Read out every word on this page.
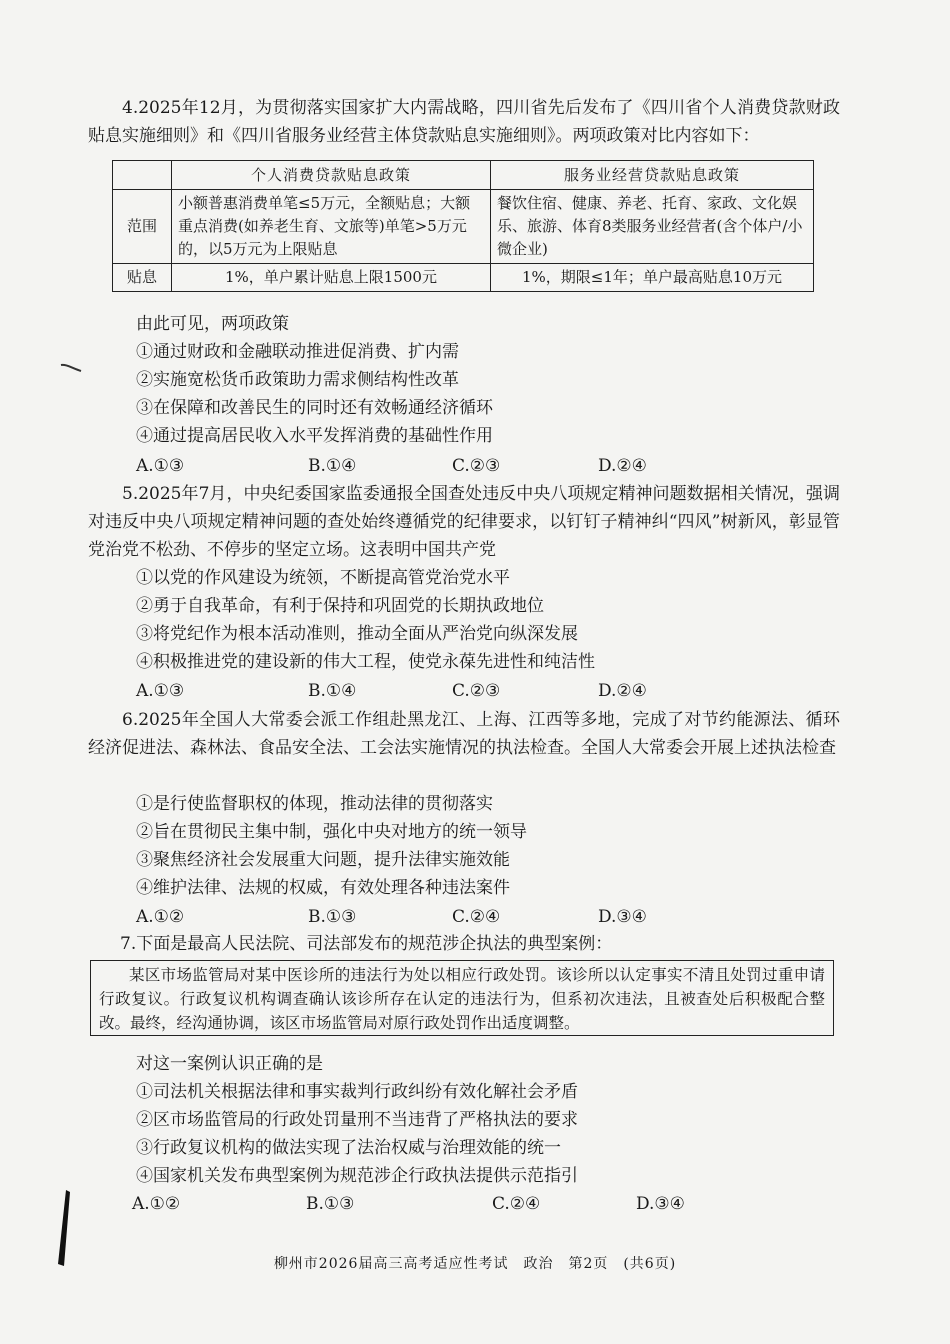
4.2025年12月，为贯彻落实国家扩大内需战略，四川省先后发布了《四川省个人消费贷款财政贴息实施细则》和《四川省服务业经营主体贷款贴息实施细则》。两项政策对比内容如下：

	个人消费贷款贴息政策	服务业经营贷款贴息政策
范围	小额普惠消费单笔≤5万元，全额贴息；大额重点消费(如养老生育、文旅等)单笔>5万元的，以5万元为上限贴息	餐饮住宿、健康、养老、托育、家政、文化娱乐、旅游、体育8类服务业经营者(含个体户/小微企业)
贴息	1%，单户累计贴息上限1500元	1%，期限≤1年；单户最高贴息10万元
由此可见，两项政策
①通过财政和金融联动推进促消费、扩内需
②实施宽松货币政策助力需求侧结构性改革
③在保障和改善民生的同时还有效畅通经济循环
④通过提高居民收入水平发挥消费的基础性作用
A.①③	B.①④	C.②③	D.②④

5.2025年7月，中央纪委国家监委通报全国查处违反中央八项规定精神问题数据相关情况，强调对违反中央八项规定精神问题的查处始终遵循党的纪律要求，以钉钉子精神纠“四风”树新风，彰显管党治党不松劲、不停步的坚定立场。这表明中国共产党

①以党的作风建设为统领，不断提高管党治党水平
②勇于自我革命，有利于保持和巩固党的长期执政地位
③将党纪作为根本活动准则，推动全面从严治党向纵深发展
④积极推进党的建设新的伟大工程，使党永葆先进性和纯洁性
A.①③	B.①④	C.②③	D.②④

6.2025年全国人大常委会派工作组赴黑龙江、上海、江西等多地，完成了对节约能源法、循环经济促进法、森林法、食品安全法、工会法实施情况的执法检查。全国人大常委会开展上述执法检查

①是行使监督职权的体现，推动法律的贯彻落实
②旨在贯彻民主集中制，强化中央对地方的统一领导
③聚焦经济社会发展重大问题，提升法律实施效能
④维护法律、法规的权威，有效处理各种违法案件
A.①②	B.①③	C.②④	D.③④
7.下面是最高人民法院、司法部发布的规范涉企执法的典型案例：
某区市场监管局对某中医诊所的违法行为处以相应行政处罚。该诊所以认定事实不清且处罚过重申请行政复议。行政复议机构调查确认该诊所存在认定的违法行为，但系初次违法，且被查处后积极配合整改。最终，经沟通协调，该区市场监管局对原行政处罚作出适度调整。
对这一案例认识正确的是
①司法机关根据法律和事实裁判行政纠纷有效化解社会矛盾
②区市场监管局的行政处罚量刑不当违背了严格执法的要求
③行政复议机构的做法实现了法治权威与治理效能的统一
④国家机关发布典型案例为规范涉企行政执法提供示范指引
A.①②	B.①③	C.②④	D.③④
柳州市2026届高三高考适应性考试　政治　第2页　(共6页)
